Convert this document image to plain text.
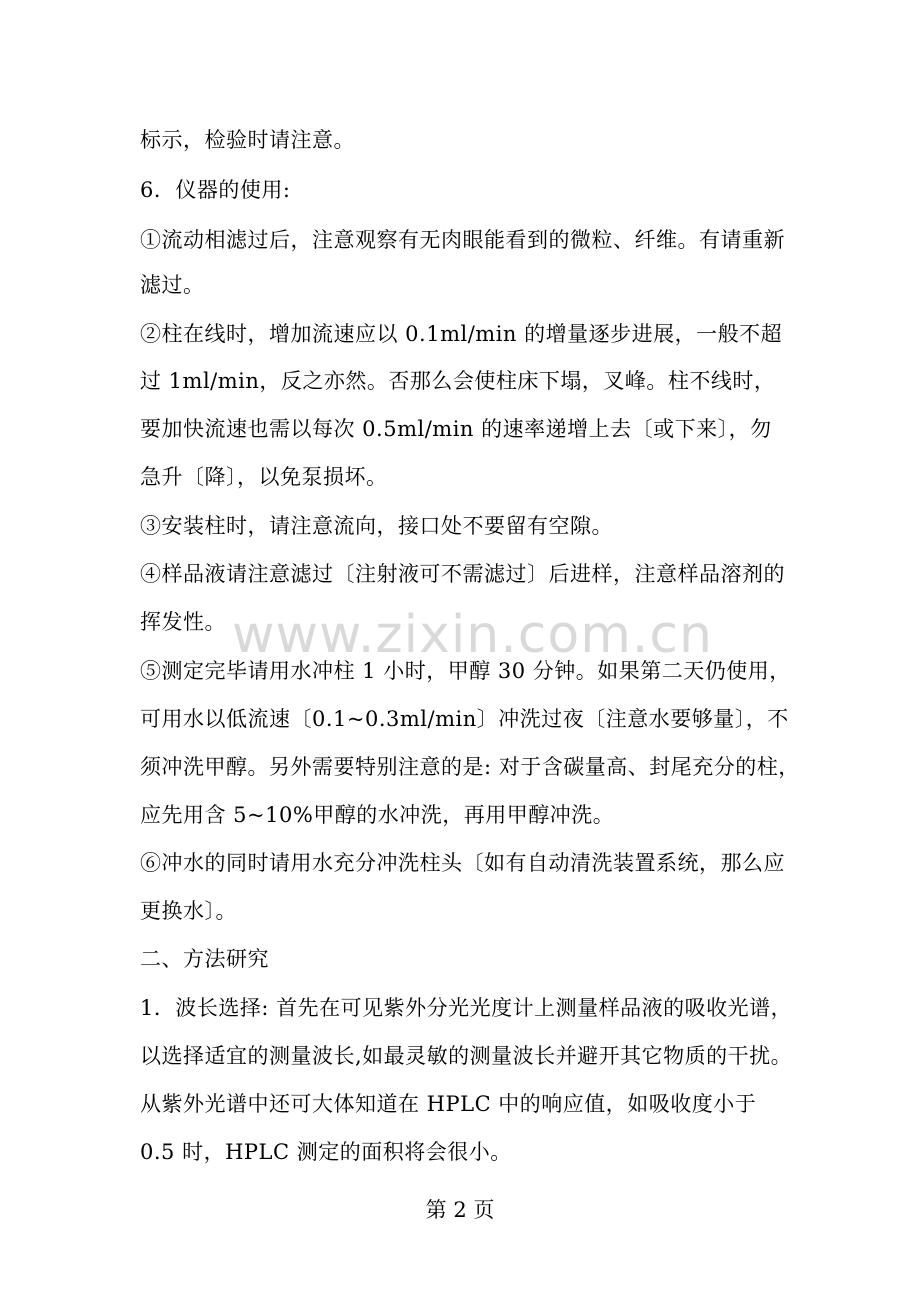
标示，检验时请注意。
6．仪器的使用:
①流动相滤过后，注意观察有无肉眼能看到的微粒、纤维。有请重新
滤过。
②柱在线时，增加流速应以 0.1ml/min 的增量逐步进展，一般不超
过 1ml/min，反之亦然。否那么会使柱床下塌，叉峰。柱不线时，
要加快流速也需以每次 0.5ml/min 的速率递增上去〔或下来〕，勿
急升〔降〕，以免泵损坏。
③安装柱时，请注意流向，接口处不要留有空隙。
④样品液请注意滤过〔注射液可不需滤过〕后进样，注意样品溶剂的
挥发性。 www.zixin.com.cn
⑤测定完毕请用水冲柱 1 小时，甲醇 30 分钟。如果第二天仍使用，
可用水以低流速〔0.1~0.3ml/min〕冲洗过夜〔注意水要够量〕，不
须冲洗甲醇。另外需要特别注意的是: 对于含碳量高、封尾充分的柱，
应先用含 5~10%甲醇的水冲洗，再用甲醇冲洗。
⑥冲水的同时请用水充分冲洗柱头〔如有自动清洗装置系统，那么应
更换水〕。
二、方法研究
1．波长选择: 首先在可见紫外分光光度计上测量样品液的吸收光谱，
以选择适宜的测量波长,如最灵敏的测量波长并避开其它物质的干扰。
从紫外光谱中还可大体知道在 HPLC 中的响应值，如吸收度小于
0.5 时，HPLC 测定的面积将会很小。
第 2 页
